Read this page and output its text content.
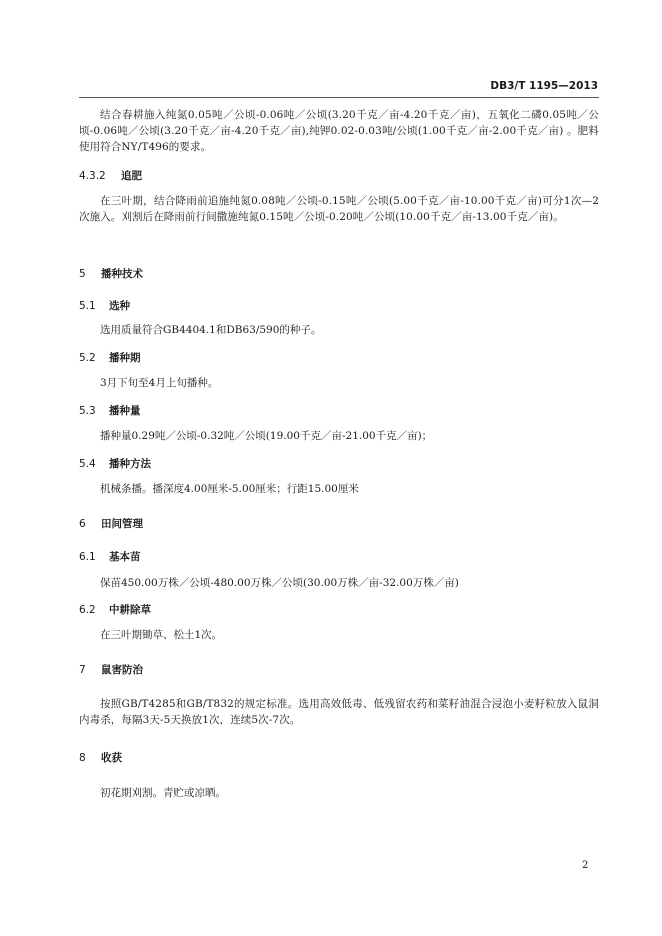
DB3/T 1195—2013
结合春耕施入纯氮0.05吨／公顷-0.06吨／公顷(3.20千克／亩-4.20千克／亩)，五氧化二磷0.05吨／公顷-0.06吨／公顷(3.20千克／亩-4.20千克／亩),纯钾0.02-0.03吨/公顷(1.00千克／亩-2.00千克／亩) 。肥料使用符合NY/T496的要求。
4.3.2 追肥
在三叶期，结合降雨前追施纯氮0.08吨／公顷-0.15吨／公顷(5.00千克／亩-10.00千克／亩)可分1次—2次施入。刈割后在降雨前行间撒施纯氮0.15吨／公顷-0.20吨／公顷(10.00千克／亩-13.00千克／亩)。
5 播种技术
5.1 选种
选用质量符合GB4404.1和DB63/590的种子。
5.2 播种期
3月下旬至4月上旬播种。
5.3 播种量
播种量0.29吨／公顷-0.32吨／公顷(19.00千克／亩-21.00千克／亩)；
5.4 播种方法
机械条播。播深度4.00厘米-5.00厘米；行距15.00厘米
6 田间管理
6.1 基本苗
保苗450.00万株／公顷-480.00万株／公顷(30.00万株／亩-32.00万株／亩)
6.2 中耕除草
在三叶期锄草、松土1次。
7 鼠害防治
按照GB/T4285和GB/T832的规定标准。选用高效低毒、低残留农药和菜籽油混合浸泡小麦籽粒放入鼠洞内毒杀，每隔3天-5天换放1次，连续5次-7次。
8 收获
初花期刈割。青贮或凉晒。
2
